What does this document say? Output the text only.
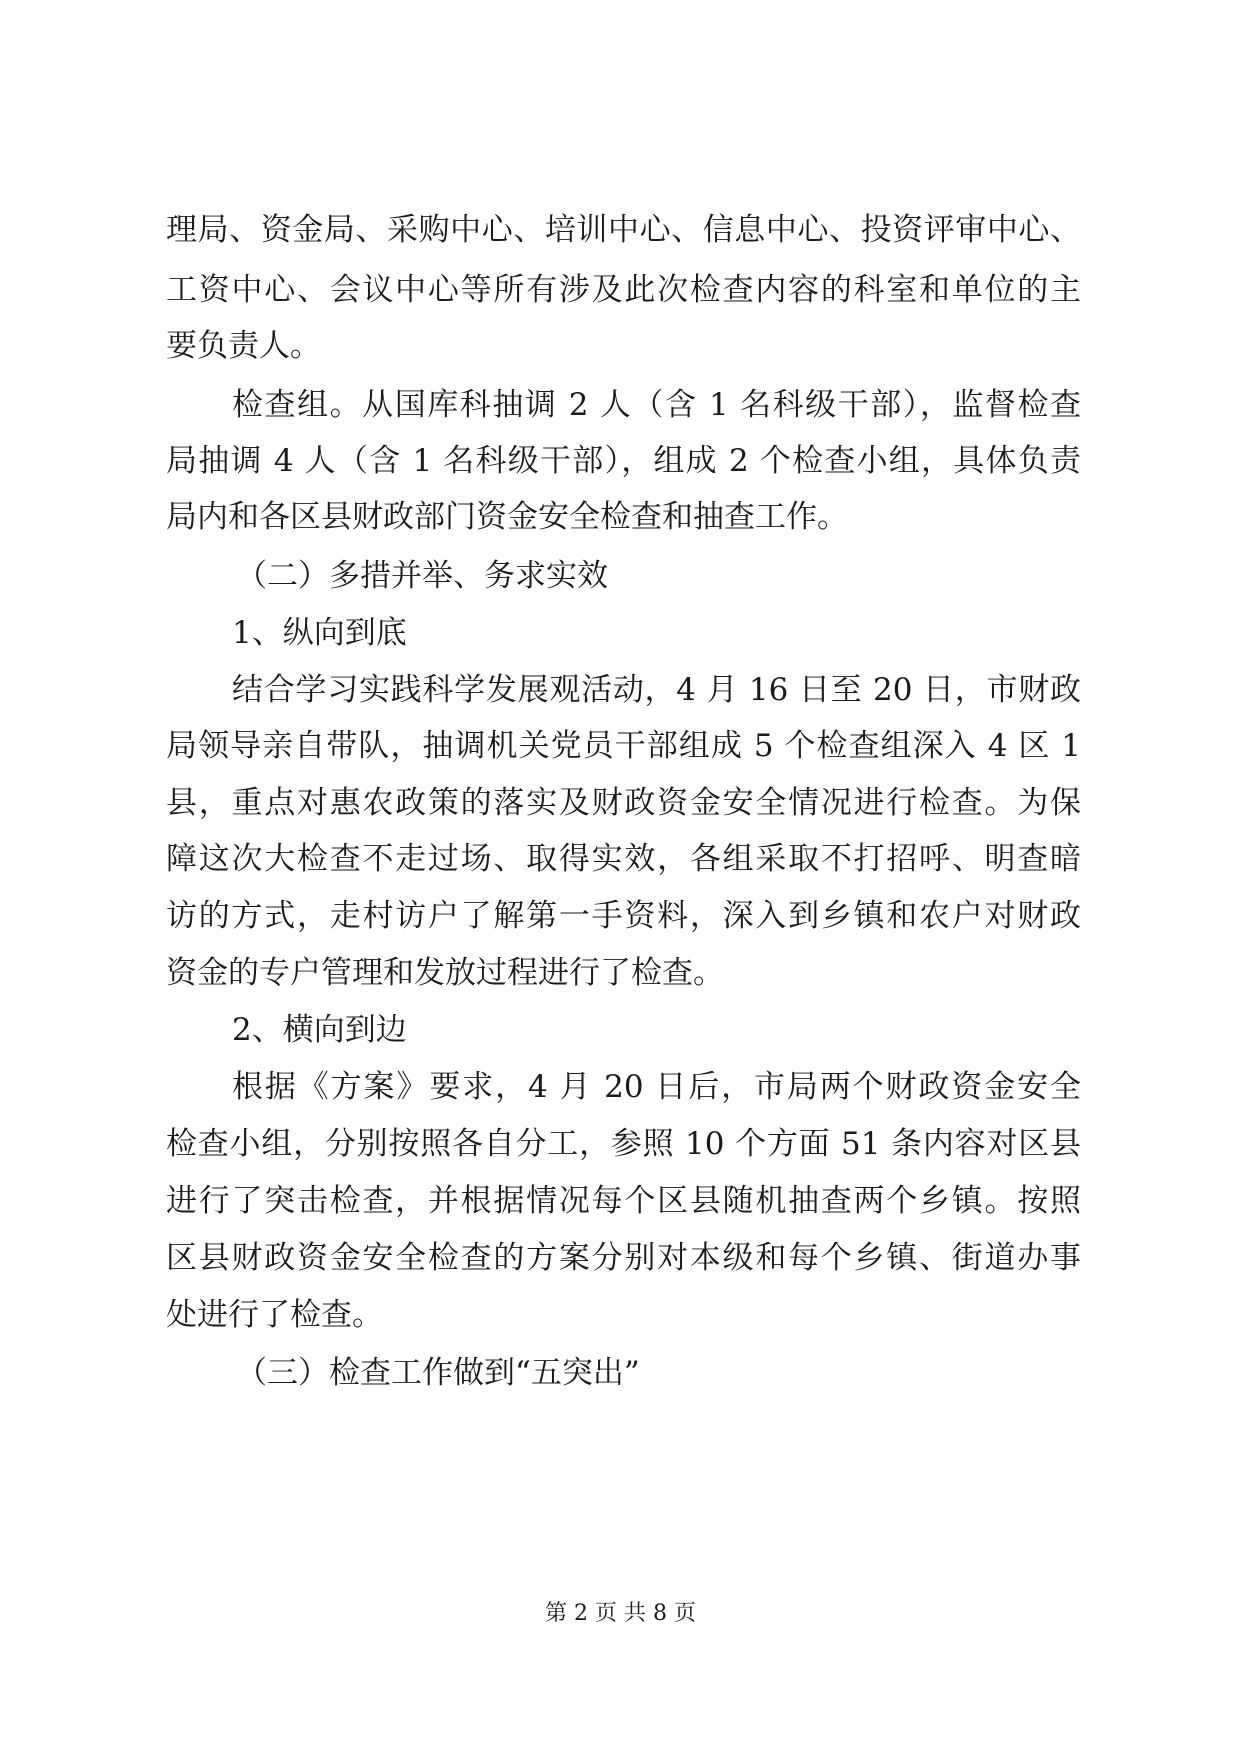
理局、资金局、采购中心、培训中心、信息中心、投资评审中心、
工资中心、会议中心等所有涉及此次检查内容的科室和单位的主
要负责人。
检查组。从国库科抽调 2 人（含 1 名科级干部），监督检查
局抽调 4 人（含 1 名科级干部），组成 2 个检查小组，具体负责
局内和各区县财政部门资金安全检查和抽查工作。
（二）多措并举、务求实效
1、纵向到底
结合学习实践科学发展观活动，4 月 16 日至 20 日，市财政
局领导亲自带队，抽调机关党员干部组成 5 个检查组深入 4 区 1
县，重点对惠农政策的落实及财政资金安全情况进行检查。为保
障这次大检查不走过场、取得实效，各组采取不打招呼、明查暗
访的方式，走村访户了解第一手资料，深入到乡镇和农户对财政
资金的专户管理和发放过程进行了检查。
2、横向到边
根据《方案》要求，4 月 20 日后，市局两个财政资金安全
检查小组，分别按照各自分工，参照 10 个方面 51 条内容对区县
进行了突击检查，并根据情况每个区县随机抽查两个乡镇。按照
区县财政资金安全检查的方案分别对本级和每个乡镇、街道办事
处进行了检查。
（三）检查工作做到“五突出”
第 2 页 共 8 页
